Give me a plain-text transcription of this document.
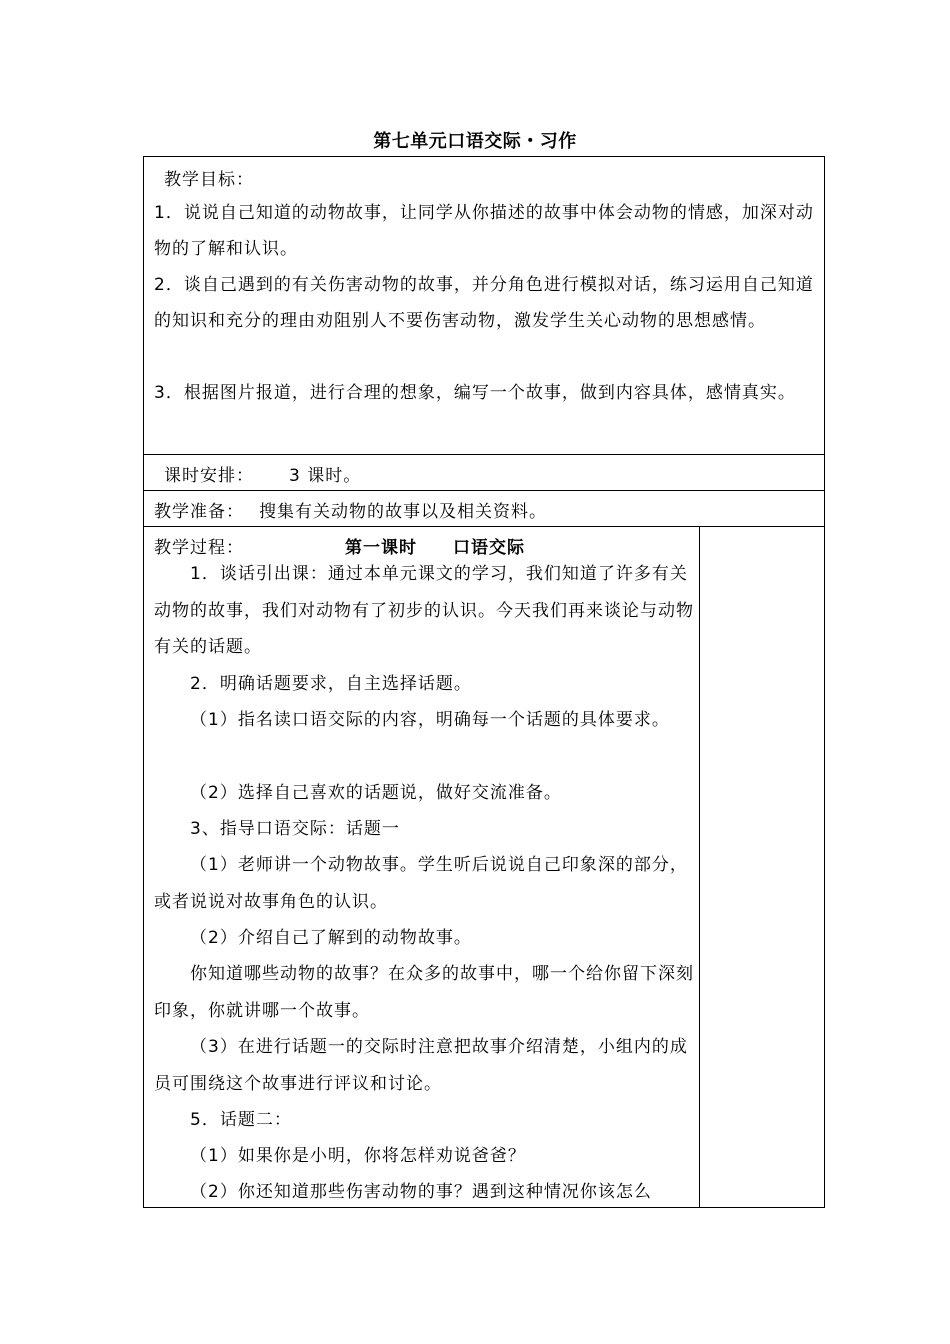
第七单元口语交际・习作
教学目标：
1．说说自己知道的动物故事，让同学从你描述的故事中体会动物的情感，加深对动物的了解和认识。
2．谈自己遇到的有关伤害动物的故事，并分角色进行模拟对话，练习运用自己知道的知识和充分的理由劝阻别人不要伤害动物，激发学生关心动物的思想感情。
3．根据图片报道，进行合理的想象，编写一个故事，做到内容具体，感情真实。
课时安排： 3 课时。
教学准备： 搜集有关动物的故事以及相关资料。
教学过程：	第一课时　　口语交际
1．谈话引出课：通过本单元课文的学习，我们知道了许多有关动物的故事，我们对动物有了初步的认识。今天我们再来谈论与动物有关的话题。
2．明确话题要求，自主选择话题。
（1）指名读口语交际的内容，明确每一个话题的具体要求。
（2）选择自己喜欢的话题说，做好交流准备。
3、指导口语交际：话题一
（1）老师讲一个动物故事。学生听后说说自己印象深的部分，或者说说对故事角色的认识。
（2）介绍自己了解到的动物故事。
你知道哪些动物的故事？在众多的故事中，哪一个给你留下深刻印象，你就讲哪一个故事。
（3）在进行话题一的交际时注意把故事介绍清楚，小组内的成员可围绕这个故事进行评议和讨论。
5．话题二：
（1）如果你是小明，你将怎样劝说爸爸？
（2）你还知道那些伤害动物的事？遇到这种情况你该怎么
